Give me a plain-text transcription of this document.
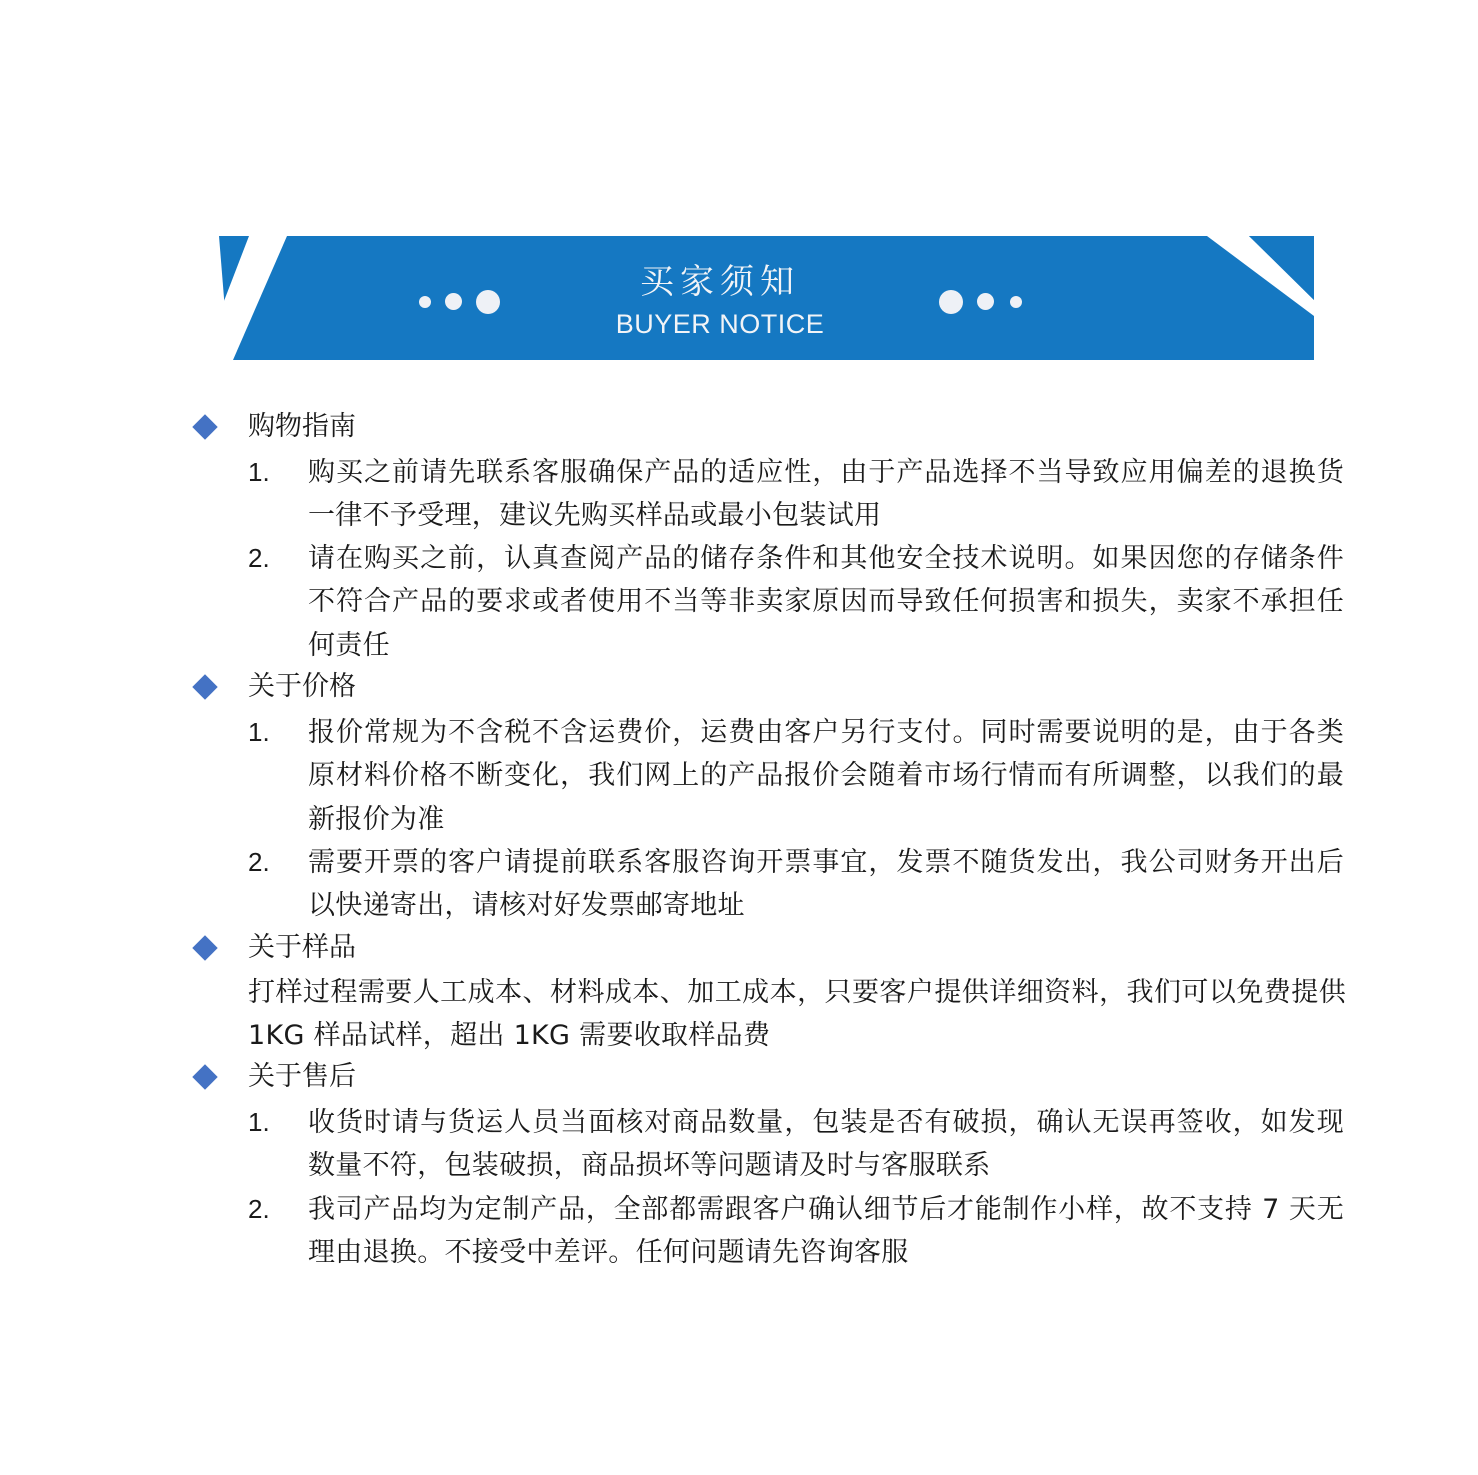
买家须知
BUYER NOTICE
购物指南
1. 购买之前请先联系客服确保产品的适应性，由于产品选择不当导致应用偏差的退换货一律不予受理，建议先购买样品或最小包装试用
2. 请在购买之前，认真查阅产品的储存条件和其他安全技术说明。如果因您的存储条件不符合产品的要求或者使用不当等非卖家原因而导致任何损害和损失，卖家不承担任何责任
关于价格
1. 报价常规为不含税不含运费价，运费由客户另行支付。同时需要说明的是，由于各类原材料价格不断变化，我们网上的产品报价会随着市场行情而有所调整，以我们的最新报价为准
2. 需要开票的客户请提前联系客服咨询开票事宜，发票不随货发出，我公司财务开出后以快递寄出，请核对好发票邮寄地址
关于样品
打样过程需要人工成本、材料成本、加工成本，只要客户提供详细资料，我们可以免费提供 1KG 样品试样，超出 1KG 需要收取样品费
关于售后
1. 收货时请与货运人员当面核对商品数量，包装是否有破损，确认无误再签收，如发现数量不符，包装破损，商品损坏等问题请及时与客服联系
2. 我司产品均为定制产品，全部都需跟客户确认细节后才能制作小样，故不支持 7 天无理由退换。不接受中差评。任何问题请先咨询客服
